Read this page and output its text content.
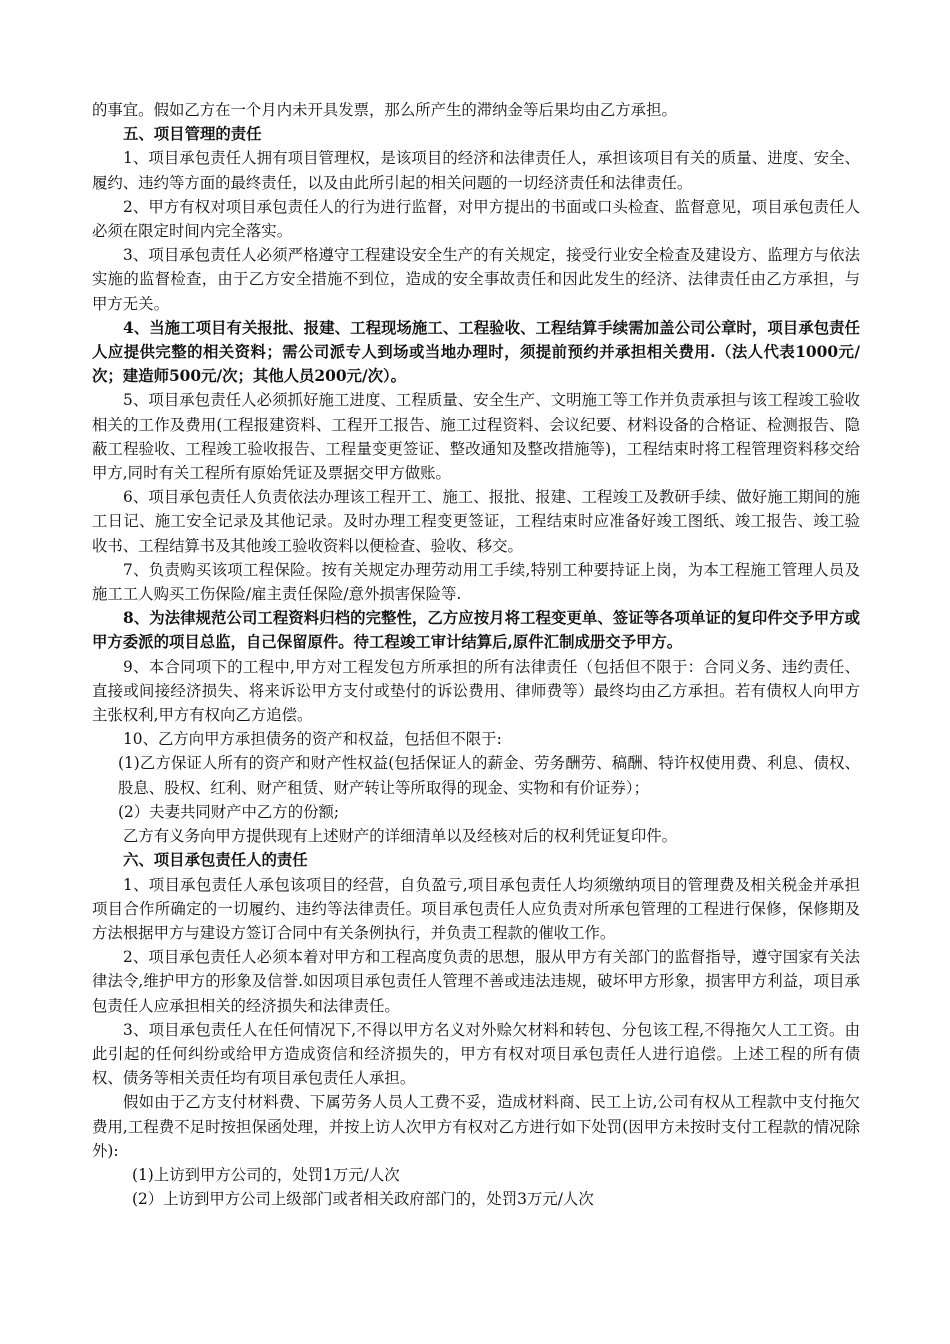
的事宜。假如乙方在一个月内未开具发票，那么所产生的滞纳金等后果均由乙方承担。

五、项目管理的责任

1、项目承包责任人拥有项目管理权，是该项目的经济和法律责任人，承担该项目有关的质量、进度、安全、履约、违约等方面的最终责任，以及由此所引起的相关问题的一切经济责任和法律责任。

2、甲方有权对项目承包责任人的行为进行监督，对甲方提出的书面或口头检查、监督意见，项目承包责任人必须在限定时间内完全落实。

3、项目承包责任人必须严格遵守工程建设安全生产的有关规定，接受行业安全检查及建设方、监理方与依法实施的监督检查，由于乙方安全措施不到位，造成的安全事故责任和因此发生的经济、法律责任由乙方承担，与甲方无关。

4、当施工项目有关报批、报建、工程现场施工、工程验收、工程结算手续需加盖公司公章时，项目承包责任人应提供完整的相关资料；需公司派专人到场或当地办理时，须提前预约并承担相关费用.（法人代表1000元/次；建造师500元/次；其他人员200元/次）。

5、项目承包责任人必须抓好施工进度、工程质量、安全生产、文明施工等工作并负责承担与该工程竣工验收相关的工作及费用(工程报建资料、工程开工报告、施工过程资料、会议纪要、材料设备的合格证、检测报告、隐蔽工程验收、工程竣工验收报告、工程量变更签证、整改通知及整改措施等)，工程结束时将工程管理资料移交给甲方,同时有关工程所有原始凭证及票据交甲方做账。

6、项目承包责任人负责依法办理该工程开工、施工、报批、报建、工程竣工及教研手续、做好施工期间的施工日记、施工安全记录及其他记录。及时办理工程变更签证，工程结束时应准备好竣工图纸、竣工报告、竣工验收书、工程结算书及其他竣工验收资料以便检查、验收、移交。

7、负责购买该项工程保险。按有关规定办理劳动用工手续,特别工种要持证上岗，为本工程施工管理人员及施工工人购买工伤保险/雇主责任保险/意外损害保险等.

8、为法律规范公司工程资料归档的完整性，乙方应按月将工程变更单、签证等各项单证的复印件交予甲方或甲方委派的项目总监，自己保留原件。待工程竣工审计结算后,原件汇制成册交予甲方。

9、本合同项下的工程中,甲方对工程发包方所承担的所有法律责任（包括但不限于：合同义务、违约责任、直接或间接经济损失、将来诉讼甲方支付或垫付的诉讼费用、律师费等）最终均由乙方承担。若有债权人向甲方主张权利,甲方有权向乙方追偿。

10、乙方向甲方承担债务的资产和权益，包括但不限于:

(1)乙方保证人所有的资产和财产性权益(包括保证人的薪金、劳务酬劳、稿酬、特许权使用费、利息、债权、股息、股权、红利、财产租赁、财产转让等所取得的现金、实物和有价证券）；

(2）夫妻共同财产中乙方的份额;

乙方有义务向甲方提供现有上述财产的详细清单以及经核对后的权利凭证复印件。

六、项目承包责任人的责任

1、项目承包责任人承包该项目的经营，自负盈亏,项目承包责任人均须缴纳项目的管理费及相关税金并承担项目合作所确定的一切履约、违约等法律责任。项目承包责任人应负责对所承包管理的工程进行保修，保修期及方法根据甲方与建设方签订合同中有关条例执行，并负责工程款的催收工作。

2、项目承包责任人必须本着对甲方和工程高度负责的思想，服从甲方有关部门的监督指导，遵守国家有关法律法令,维护甲方的形象及信誉.如因项目承包责任人管理不善或违法违规，破坏甲方形象，损害甲方利益，项目承包责任人应承担相关的经济损失和法律责任。

3、项目承包责任人在任何情况下,不得以甲方名义对外赊欠材料和转包、分包该工程,不得拖欠人工工资。由此引起的任何纠纷或给甲方造成资信和经济损失的，甲方有权对项目承包责任人进行追偿。上述工程的所有债权、债务等相关责任均有项目承包责任人承担。

假如由于乙方支付材料费、下属劳务人员人工费不妥，造成材料商、民工上访,公司有权从工程款中支付拖欠费用,工程费不足时按担保函处理，并按上访人次甲方有权对乙方进行如下处罚(因甲方未按时支付工程款的情况除外):

(1)上访到甲方公司的，处罚1万元/人次

(2）上访到甲方公司上级部门或者相关政府部门的，处罚3万元/人次
